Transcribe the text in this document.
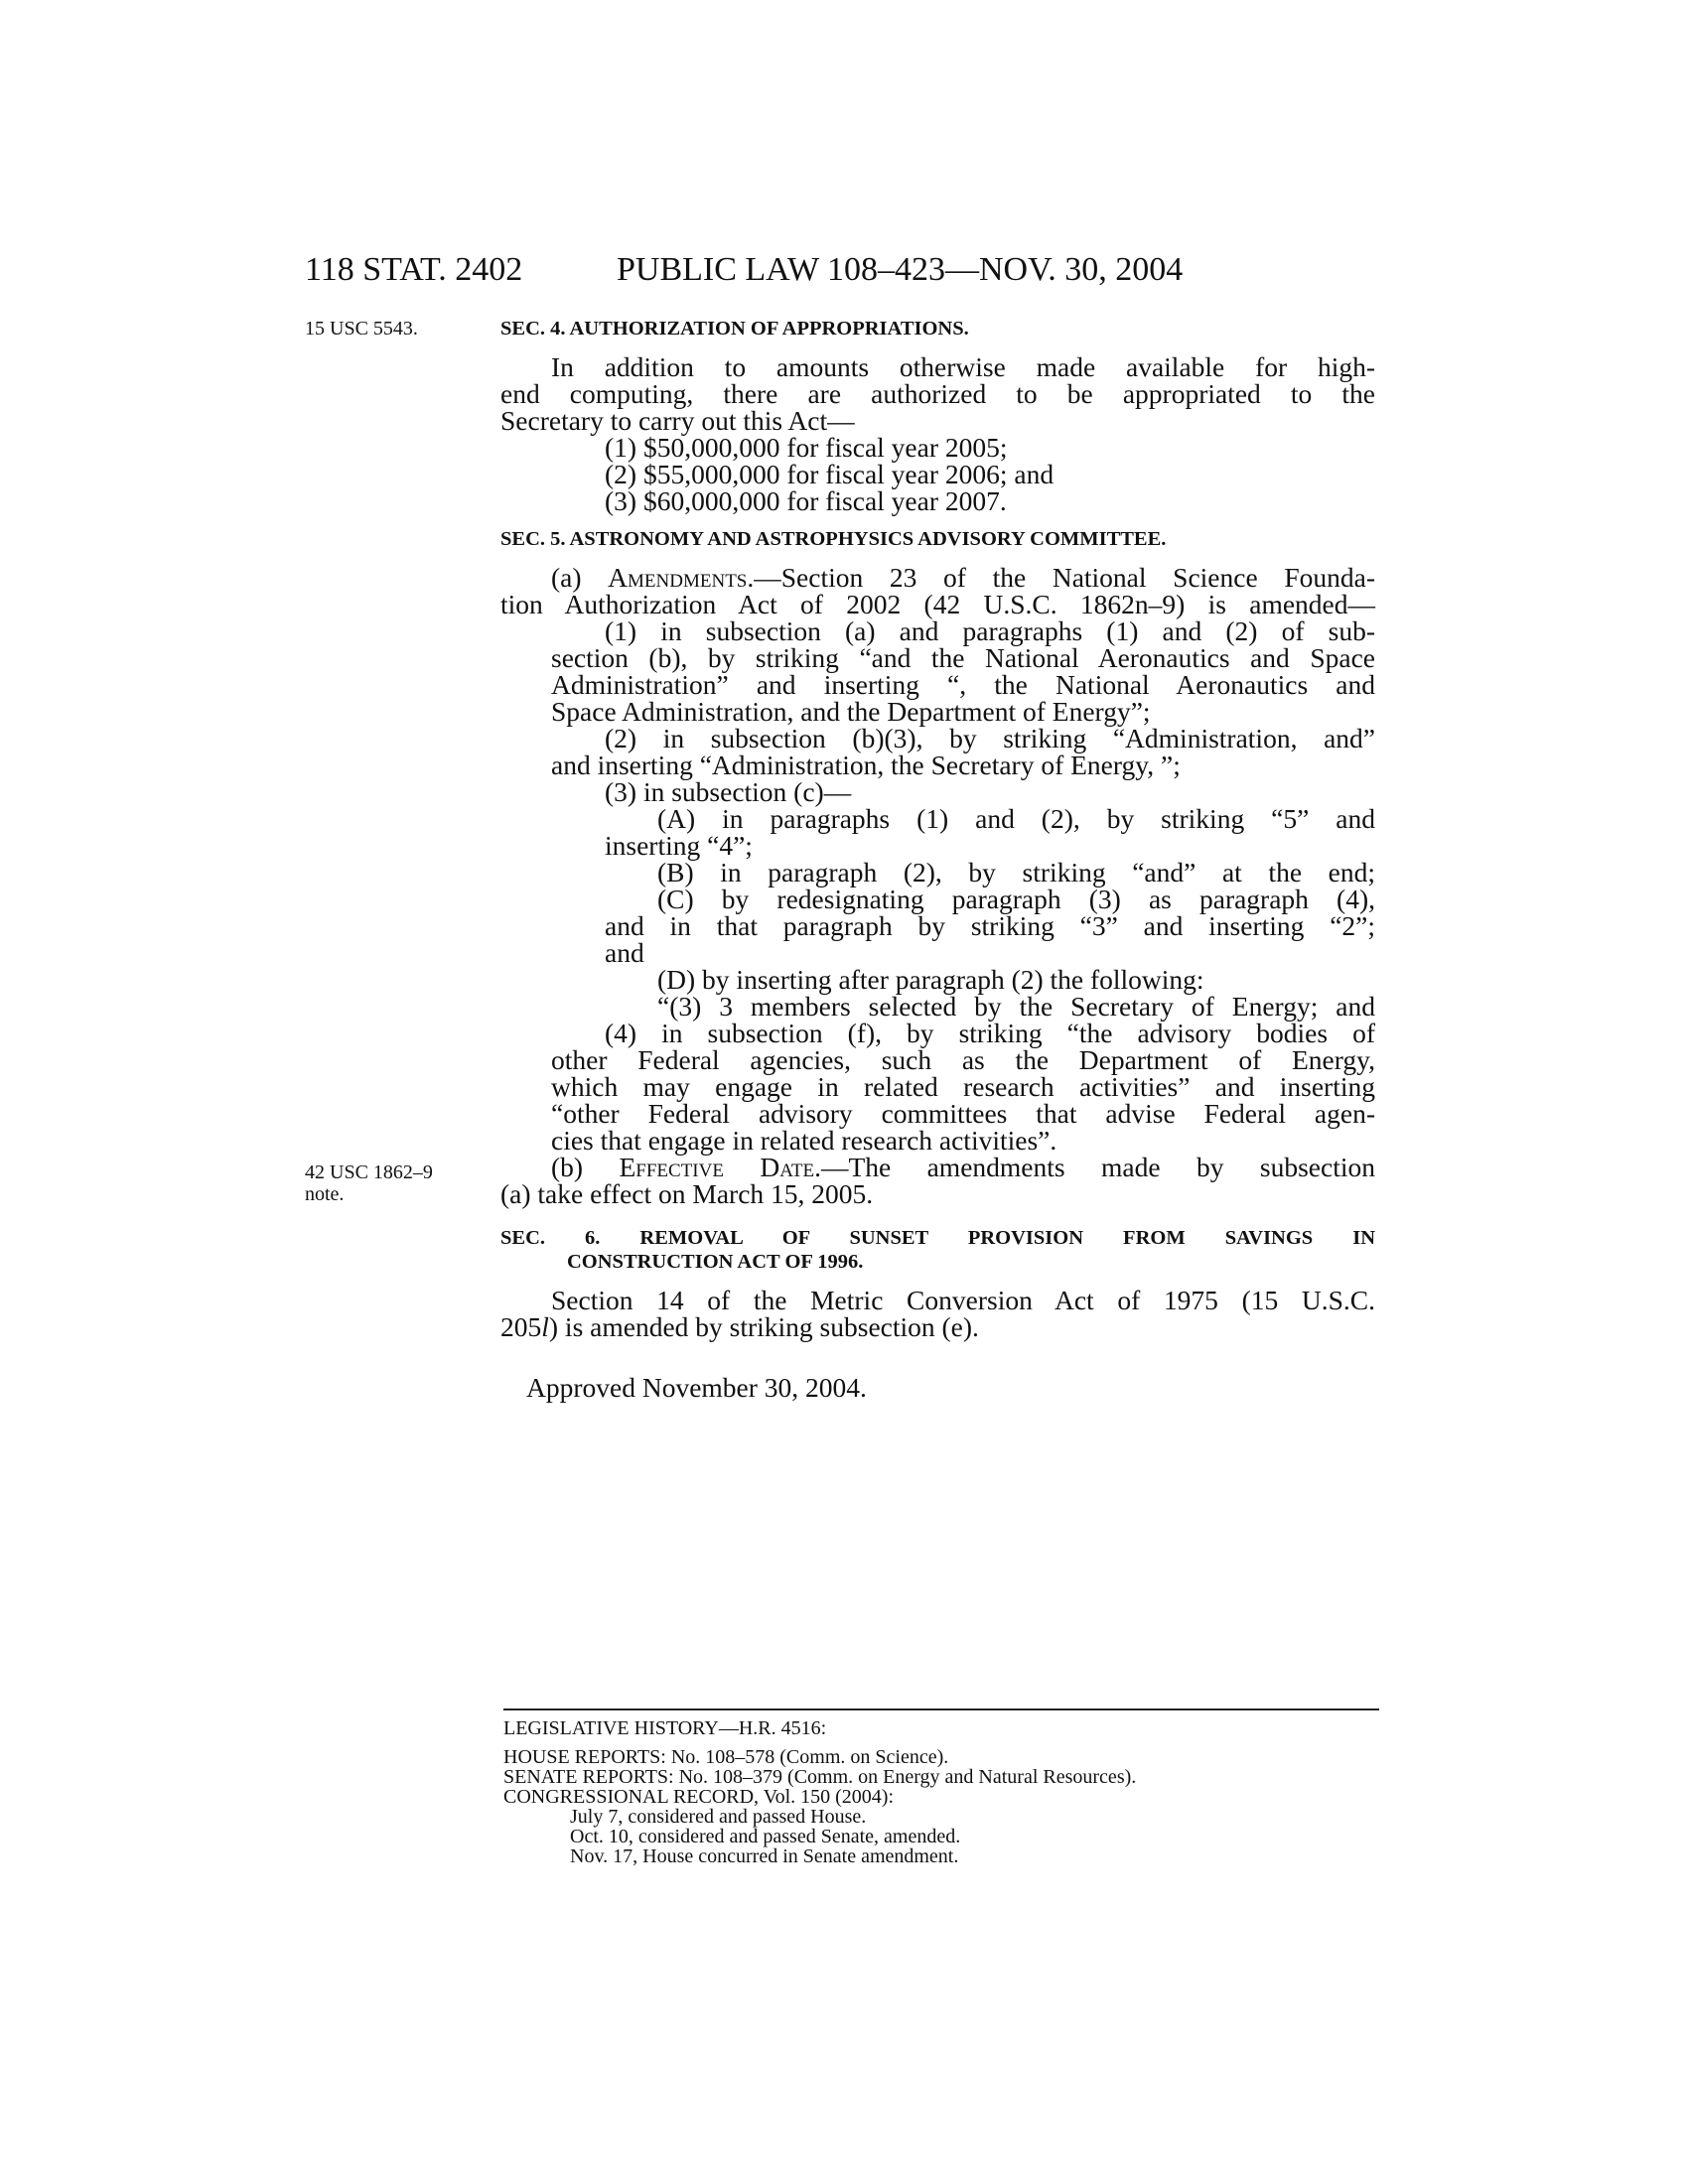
118 STAT. 2402	PUBLIC LAW 108–423—NOV. 30, 2004
15 USC 5543.
42 USC 1862–9
note.
SEC. 4. AUTHORIZATION OF APPROPRIATIONS.
In addition to amounts otherwise made available for high-
end computing, there are authorized to be appropriated to the
Secretary to carry out this Act—
(1) $50,000,000 for fiscal year 2005;
(2) $55,000,000 for fiscal year 2006; and
(3) $60,000,000 for fiscal year 2007.
SEC. 5. ASTRONOMY AND ASTROPHYSICS ADVISORY COMMITTEE.
(a) Amendments.—Section 23 of the National Science Founda-
tion Authorization Act of 2002 (42 U.S.C. 1862n–9) is amended—
(1) in subsection (a) and paragraphs (1) and (2) of sub-
section (b), by striking “and the National Aeronautics and Space
Administration” and inserting “, the National Aeronautics and
Space Administration, and the Department of Energy”;
(2) in subsection (b)(3), by striking “Administration, and”
and inserting “Administration, the Secretary of Energy, ”;
(3) in subsection (c)—
(A) in paragraphs (1) and (2), by striking “5” and
inserting “4”;
(B) in paragraph (2), by striking “and” at the end;
(C) by redesignating paragraph (3) as paragraph (4),
and in that paragraph by striking “3” and inserting “2”;
and
(D) by inserting after paragraph (2) the following:
“(3) 3 members selected by the Secretary of Energy; and
(4) in subsection (f), by striking “the advisory bodies of
other Federal agencies, such as the Department of Energy,
which may engage in related research activities” and inserting
“other Federal advisory committees that advise Federal agen-
cies that engage in related research activities”.
(b) Effective Date.—The amendments made by subsection
(a) take effect on March 15, 2005.
SEC. 6. REMOVAL OF SUNSET PROVISION FROM SAVINGS IN
CONSTRUCTION ACT OF 1996.
Section 14 of the Metric Conversion Act of 1975 (15 U.S.C.
205l) is amended by striking subsection (e).
Approved November 30, 2004.
LEGISLATIVE HISTORY—H.R. 4516:
HOUSE REPORTS: No. 108–578 (Comm. on Science).
SENATE REPORTS: No. 108–379 (Comm. on Energy and Natural Resources).
CONGRESSIONAL RECORD, Vol. 150 (2004):
July 7, considered and passed House.
Oct. 10, considered and passed Senate, amended.
Nov. 17, House concurred in Senate amendment.
